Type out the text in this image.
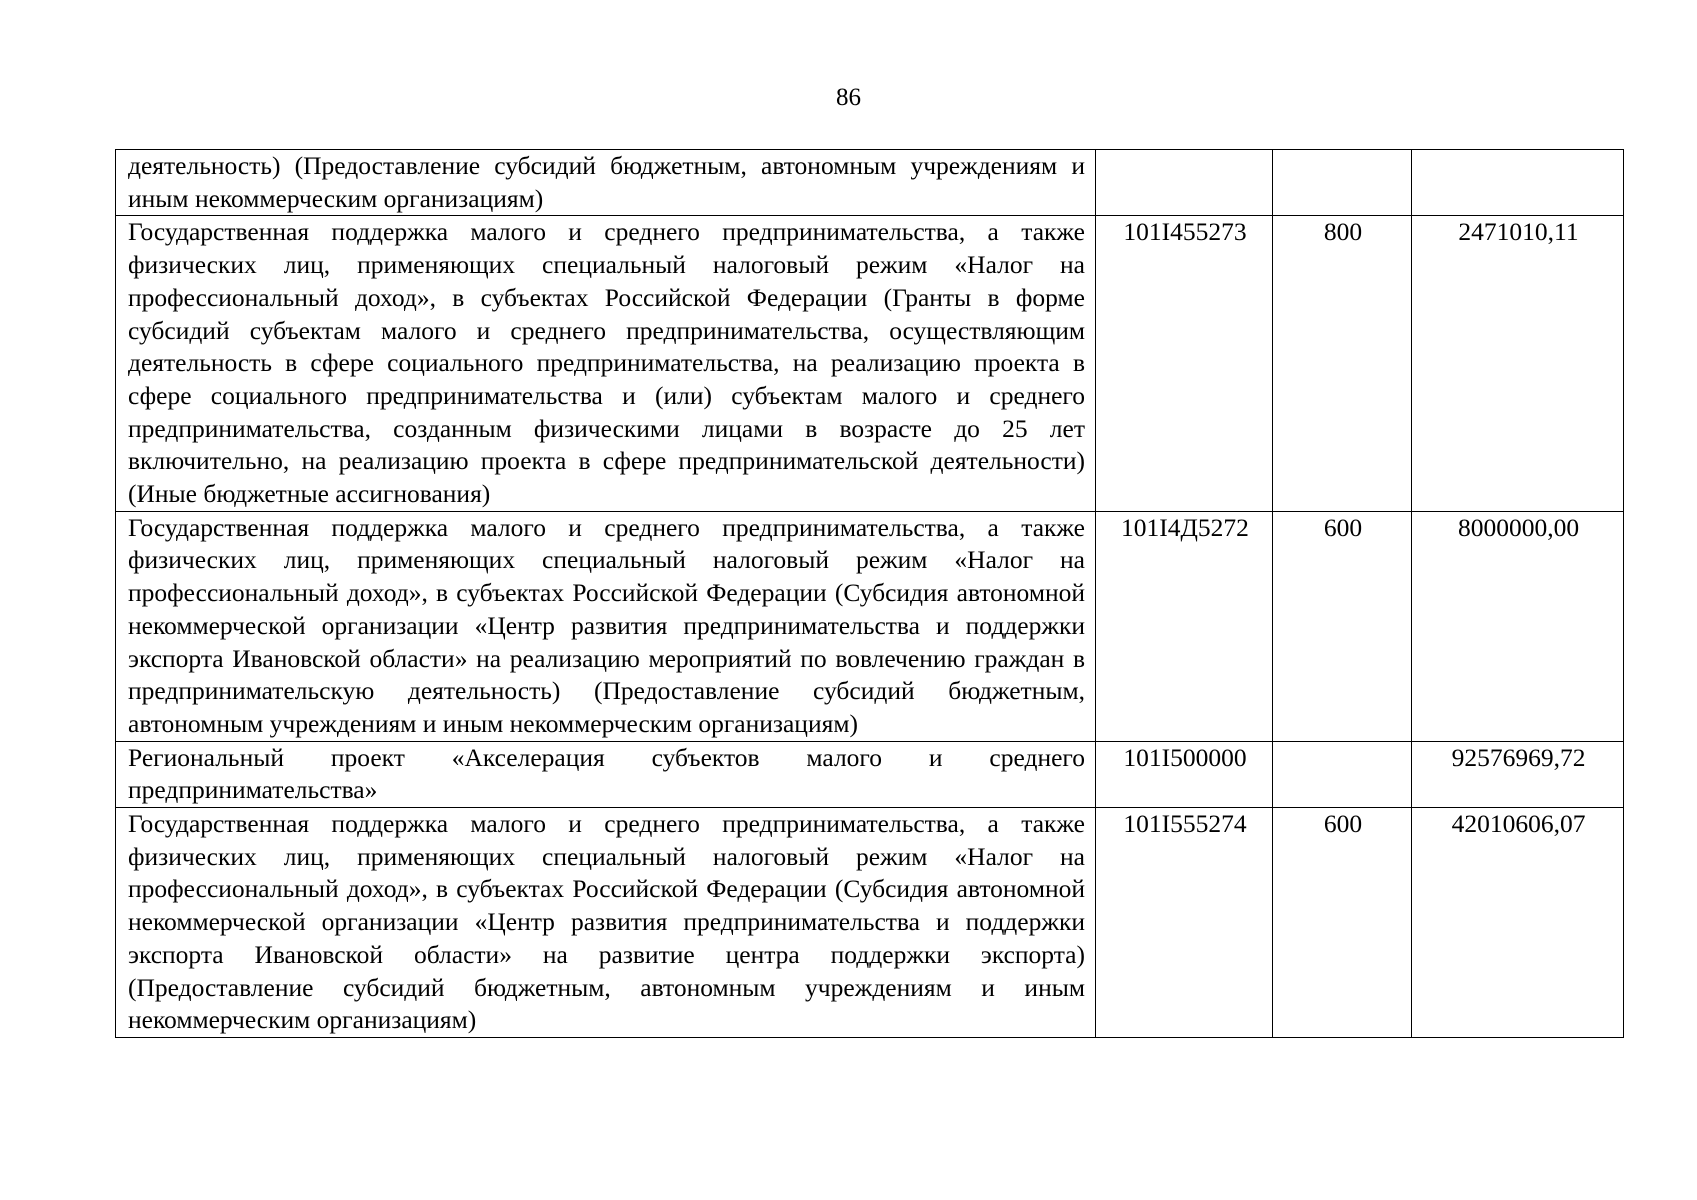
86
деятельность) (Предоставление субсидий бюджетным, автономным учреждениям и иным некоммерческим организациям)			
Государственная поддержка малого и среднего предпринимательства, а также физических лиц, применяющих специальный налоговый режим «Налог на профессиональный доход», в субъектах Российской Федерации (Гранты в форме субсидий субъектам малого и среднего предпринимательства, осуществляющим деятельность в сфере социального предпринимательства, на реализацию проекта в сфере социального предпринимательства и (или) субъектам малого и среднего предпринимательства, созданным физическими лицами в возрасте до 25 лет включительно, на реализацию проекта в сфере предпринимательской деятельности) (Иные бюджетные ассигнования)	101I455273	800	2471010,11
Государственная поддержка малого и среднего предпринимательства, а также физических лиц, применяющих специальный налоговый режим «Налог на профессиональный доход», в субъектах Российской Федерации (Субсидия автономной некоммерческой организации «Центр развития предпринимательства и поддержки экспорта Ивановской области» на реализацию мероприятий по вовлечению граждан в предпринимательскую деятельность) (Предоставление субсидий бюджетным, автономным учреждениям и иным некоммерческим организациям)	101I4Д5272	600	8000000,00
Региональный проект «Акселерация субъектов малого и среднего предпринимательства»	101I500000		92576969,72
Государственная поддержка малого и среднего предпринимательства, а также физических лиц, применяющих специальный налоговый режим «Налог на профессиональный доход», в субъектах Российской Федерации (Субсидия автономной некоммерческой организации «Центр развития предпринимательства и поддержки экспорта Ивановской области» на развитие центра поддержки экспорта) (Предоставление субсидий бюджетным, автономным учреждениям и иным некоммерческим организациям)	101I555274	600	42010606,07
